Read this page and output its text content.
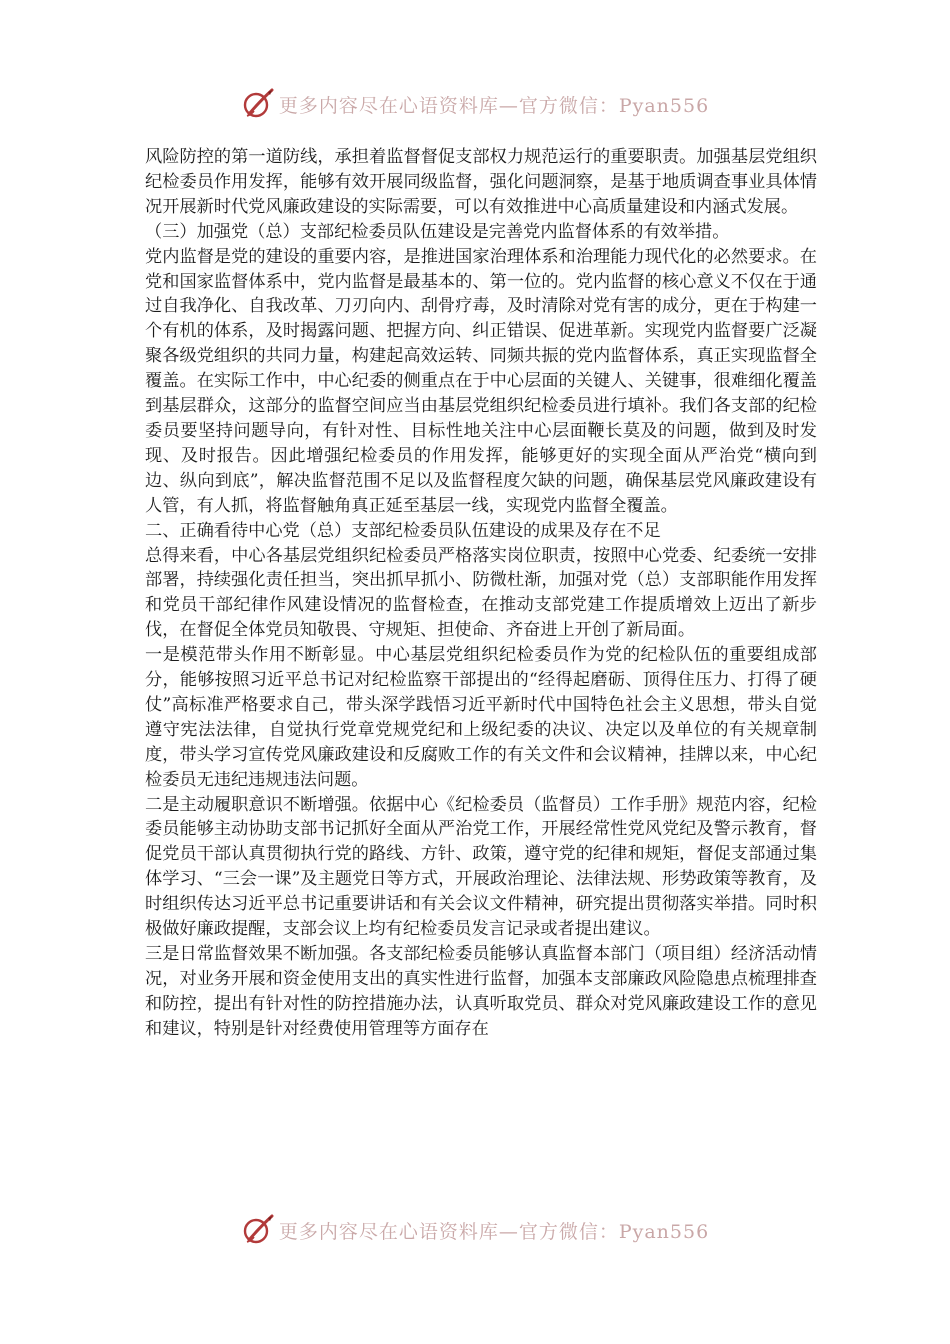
更多内容尽在心语资料库—官方微信：Pyan556

风险防控的第一道防线，承担着监督督促支部权力规范运行的重要职责。加强基层党组织纪检委员作用发挥，能够有效开展同级监督，强化问题洞察，是基于地质调查事业具体情况开展新时代党风廉政建设的实际需要，可以有效推进中心高质量建设和内涵式发展。

（三）加强党（总）支部纪检委员队伍建设是完善党内监督体系的有效举措。

党内监督是党的建设的重要内容，是推进国家治理体系和治理能力现代化的必然要求。在党和国家监督体系中，党内监督是最基本的、第一位的。党内监督的核心意义不仅在于通过自我净化、自我改革、刀刃向内、刮骨疗毒，及时清除对党有害的成分，更在于构建一个有机的体系，及时揭露问题、把握方向、纠正错误、促进革新。实现党内监督要广泛凝聚各级党组织的共同力量，构建起高效运转、同频共振的党内监督体系，真正实现监督全覆盖。在实际工作中，中心纪委的侧重点在于中心层面的关键人、关键事，很难细化覆盖到基层群众，这部分的监督空间应当由基层党组织纪检委员进行填补。我们各支部的纪检委员要坚持问题导向，有针对性、目标性地关注中心层面鞭长莫及的问题，做到及时发现、及时报告。因此增强纪检委员的作用发挥，能够更好的实现全面从严治党“横向到边、纵向到底”，解决监督范围不足以及监督程度欠缺的问题，确保基层党风廉政建设有人管，有人抓，将监督触角真正延至基层一线，实现党内监督全覆盖。

二、正确看待中心党（总）支部纪检委员队伍建设的成果及存在不足

总得来看，中心各基层党组织纪检委员严格落实岗位职责，按照中心党委、纪委统一安排部署，持续强化责任担当，突出抓早抓小、防微杜渐，加强对党（总）支部职能作用发挥和党员干部纪律作风建设情况的监督检查，在推动支部党建工作提质增效上迈出了新步伐，在督促全体党员知敬畏、守规矩、担使命、齐奋进上开创了新局面。

一是模范带头作用不断彰显。中心基层党组织纪检委员作为党的纪检队伍的重要组成部分，能够按照习近平总书记对纪检监察干部提出的“经得起磨砺、顶得住压力、打得了硬仗”高标准严格要求自己，带头深学践悟习近平新时代中国特色社会主义思想，带头自觉遵守宪法法律，自觉执行党章党规党纪和上级纪委的决议、决定以及单位的有关规章制度，带头学习宣传党风廉政建设和反腐败工作的有关文件和会议精神，挂牌以来，中心纪检委员无违纪违规违法问题。

二是主动履职意识不断增强。依据中心《纪检委员（监督员）工作手册》规范内容，纪检委员能够主动协助支部书记抓好全面从严治党工作，开展经常性党风党纪及警示教育，督促党员干部认真贯彻执行党的路线、方针、政策，遵守党的纪律和规矩，督促支部通过集体学习、“三会一课”及主题党日等方式，开展政治理论、法律法规、形势政策等教育，及时组织传达习近平总书记重要讲话和有关会议文件精神，研究提出贯彻落实举措。同时积极做好廉政提醒，支部会议上均有纪检委员发言记录或者提出建议。

三是日常监督效果不断加强。各支部纪检委员能够认真监督本部门（项目组）经济活动情况，对业务开展和资金使用支出的真实性进行监督，加强本支部廉政风险隐患点梳理排查和防控，提出有针对性的防控措施办法，认真听取党员、群众对党风廉政建设工作的意见和建议，特别是针对经费使用管理等方面存在

更多内容尽在心语资料库—官方微信：Pyan556
